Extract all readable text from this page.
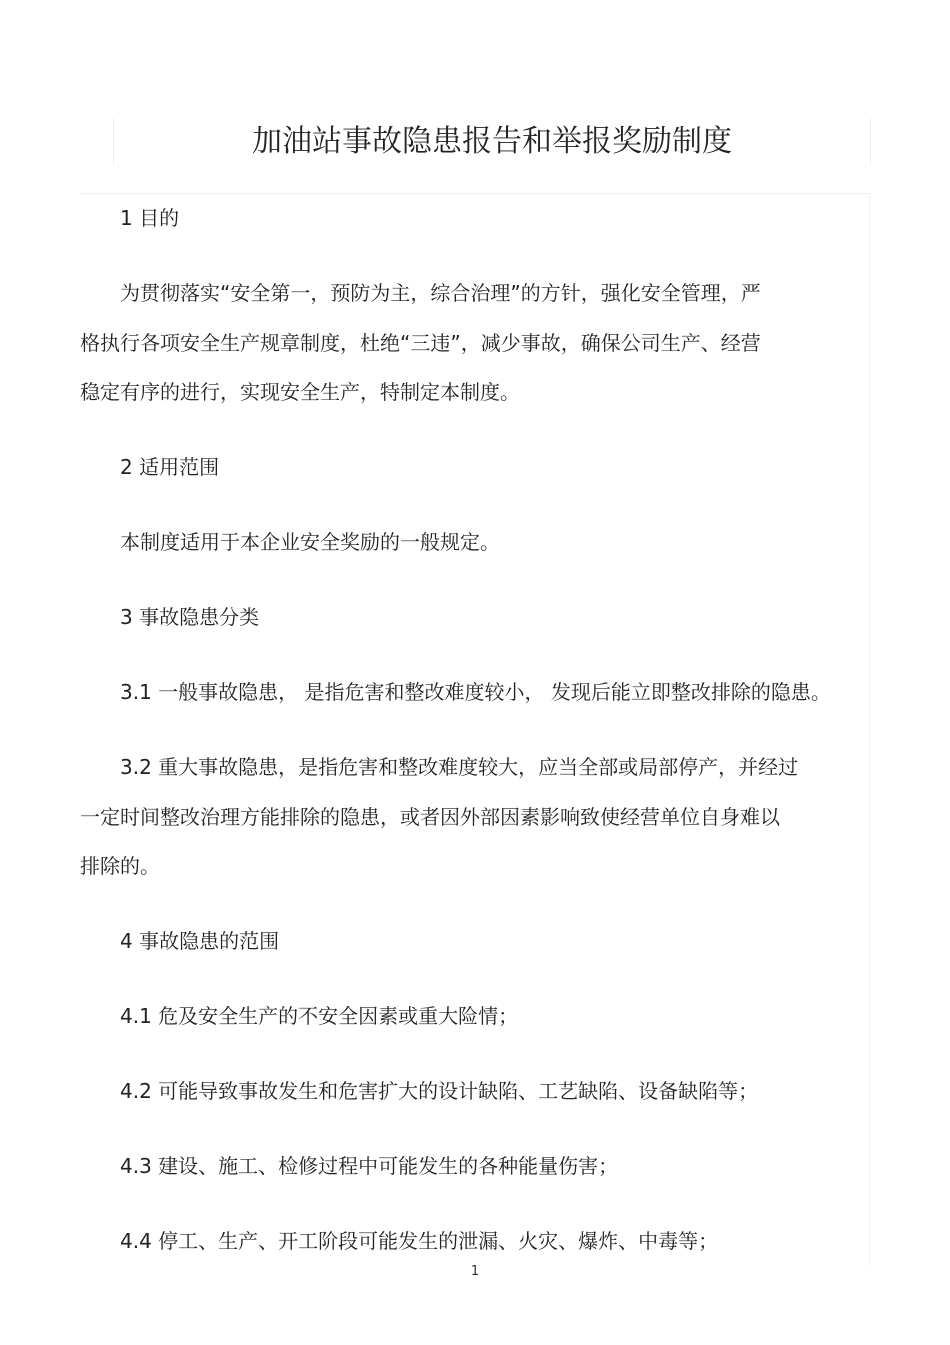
加油站事故隐患报告和举报奖励制度

1 目的

为贯彻落实“安全第一，预防为主，综合治理”的方针，强化安全管理，严

格执行各项安全生产规章制度，杜绝“三违”，减少事故，确保公司生产、经营

稳定有序的进行，实现安全生产，特制定本制度。

2 适用范围

本制度适用于本企业安全奖励的一般规定。

3 事故隐患分类

3.1 一般事故隐患， 是指危害和整改难度较小， 发现后能立即整改排除的隐患。

3.2 重大事故隐患，是指危害和整改难度较大，应当全部或局部停产，并经过

一定时间整改治理方能排除的隐患，或者因外部因素影响致使经营单位自身难以

排除的。

4 事故隐患的范围

4.1 危及安全生产的不安全因素或重大险情；

4.2 可能导致事故发生和危害扩大的设计缺陷、工艺缺陷、设备缺陷等；

4.3 建设、施工、检修过程中可能发生的各种能量伤害；

4.4 停工、生产、开工阶段可能发生的泄漏、火灾、爆炸、中毒等；

1
